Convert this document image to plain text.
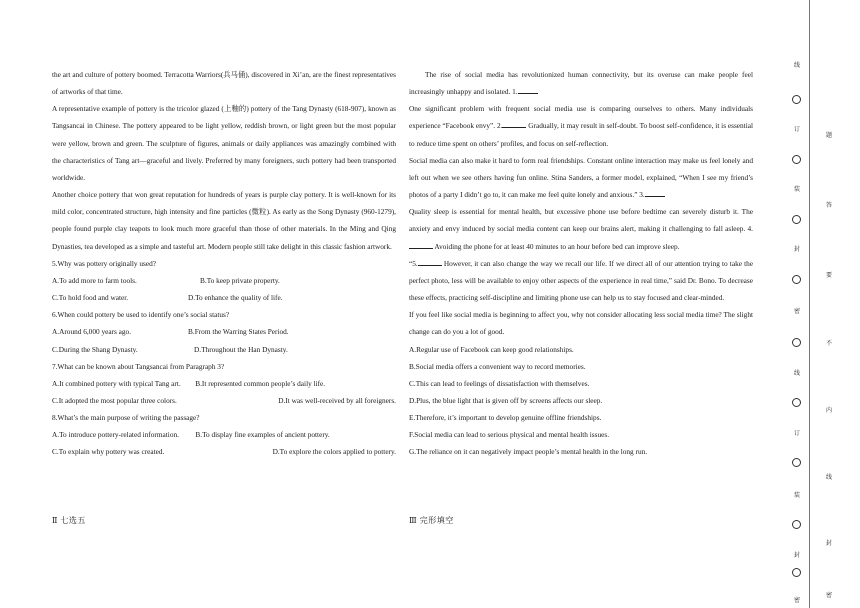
the art and culture of pottery boomed. Terracotta Warriors(兵马俑), discovered in Xi’an, are the finest representatives of artworks of that time.

A representative example of pottery is the tricolor glazed (上釉的) pottery of the Tang Dynasty (618-907), known as Tangsancai in Chinese. The pottery appeared to be light yellow, reddish brown, or light green but the most popular were yellow, brown and green. The sculpture of figures, animals or daily appliances was amazingly combined with the characteristics of Tang art—graceful and lively. Preferred by many foreigners, such pottery had been transported worldwide.

Another choice pottery that won great reputation for hundreds of years is purple clay pottery. It is well-known for its mild color, concentrated structure, high intensity and fine particles (微粒). As early as the Song Dynasty (960-1279), people found purple clay teapots to look much more graceful than those of other materials. In the Ming and Qing Dynasties, tea developed as a simple and tasteful art. Modern people still take delight in this classic fashion artwork.

5.Why was pottery originally used?

A.To add more to farm tools.	B.To keep private property.
C.To hold food and water.	D.To enhance the quality of life.

6.When could pottery be used to identify one’s social status?

A.Around 6,000 years ago.	B.From the Warring States Period.
C.During the Shang Dynasty.	D.Throughout the Han Dynasty.

7.What can be known about Tangsancai from Paragraph 3?

A.It combined pottery with typical Tang art. B.It represented common people’s daily life.

C.It adopted the most popular three colors.	D.It was well-received by all foreigners.

8.What’s the main purpose of writing the passage?

A.To introduce pottery-related information. B.To display fine examples of ancient pottery.

C.To explain why pottery was created.	D.To explore the colors applied to pottery.
Ⅱ 七选五

The rise of social media has revolutionized human connectivity, but its overuse can make people feel increasingly unhappy and isolated. 1.

One significant problem with frequent social media use is comparing ourselves to others. Many individuals experience “Facebook envy”. 2.	Gradually, it may result in self-doubt. To boost self-confidence, it is essential to reduce time spent on others’ profiles, and focus on self-reflection.

Social media can also make it hard to form real friendships. Constant online interaction may make us feel lonely and left out when we see others having fun online. Stina Sanders, a former model, explained, “When I see my friend’s photos of a party I didn’t go to, it can make me feel quite lonely and anxious.” 3.

Quality sleep is essential for mental health, but excessive phone use before bedtime can severely disturb it. The anxiety and envy induced by social media content can keep our brains alert, making it challenging to fall asleep. 4. Avoiding the phone for at least 40 minutes to an hour before bed can improve sleep.

“5.	However, it can also change the way we recall our life. If we direct all of our attention trying to take the perfect photo, less will be available to enjoy other aspects of the experience in real time,” said Dr. Bono. To decrease these effects, practicing self-discipline and limiting phone use can help us to stay focused and clear-minded.

If you feel like social media is beginning to affect you, why not consider allocating less social media time? The slight change can do you a lot of good.

A.Regular use of Facebook can keep good relationships.

B.Social media offers a convenient way to record memories.

C.This can lead to feelings of dissatisfaction with themselves.

D.Plus, the blue light that is given off by screens affects our sleep.

E.Therefore, it’s important to develop genuine offline friendships.

F.Social media can lead to serious physical and mental health issues.

G.The reliance on it can negatively impact people’s mental health in the long run.

Ⅲ 完形填空
线
订
装
封
密
线
订
装
封
密
题
答
要
不
内
线
封
密
